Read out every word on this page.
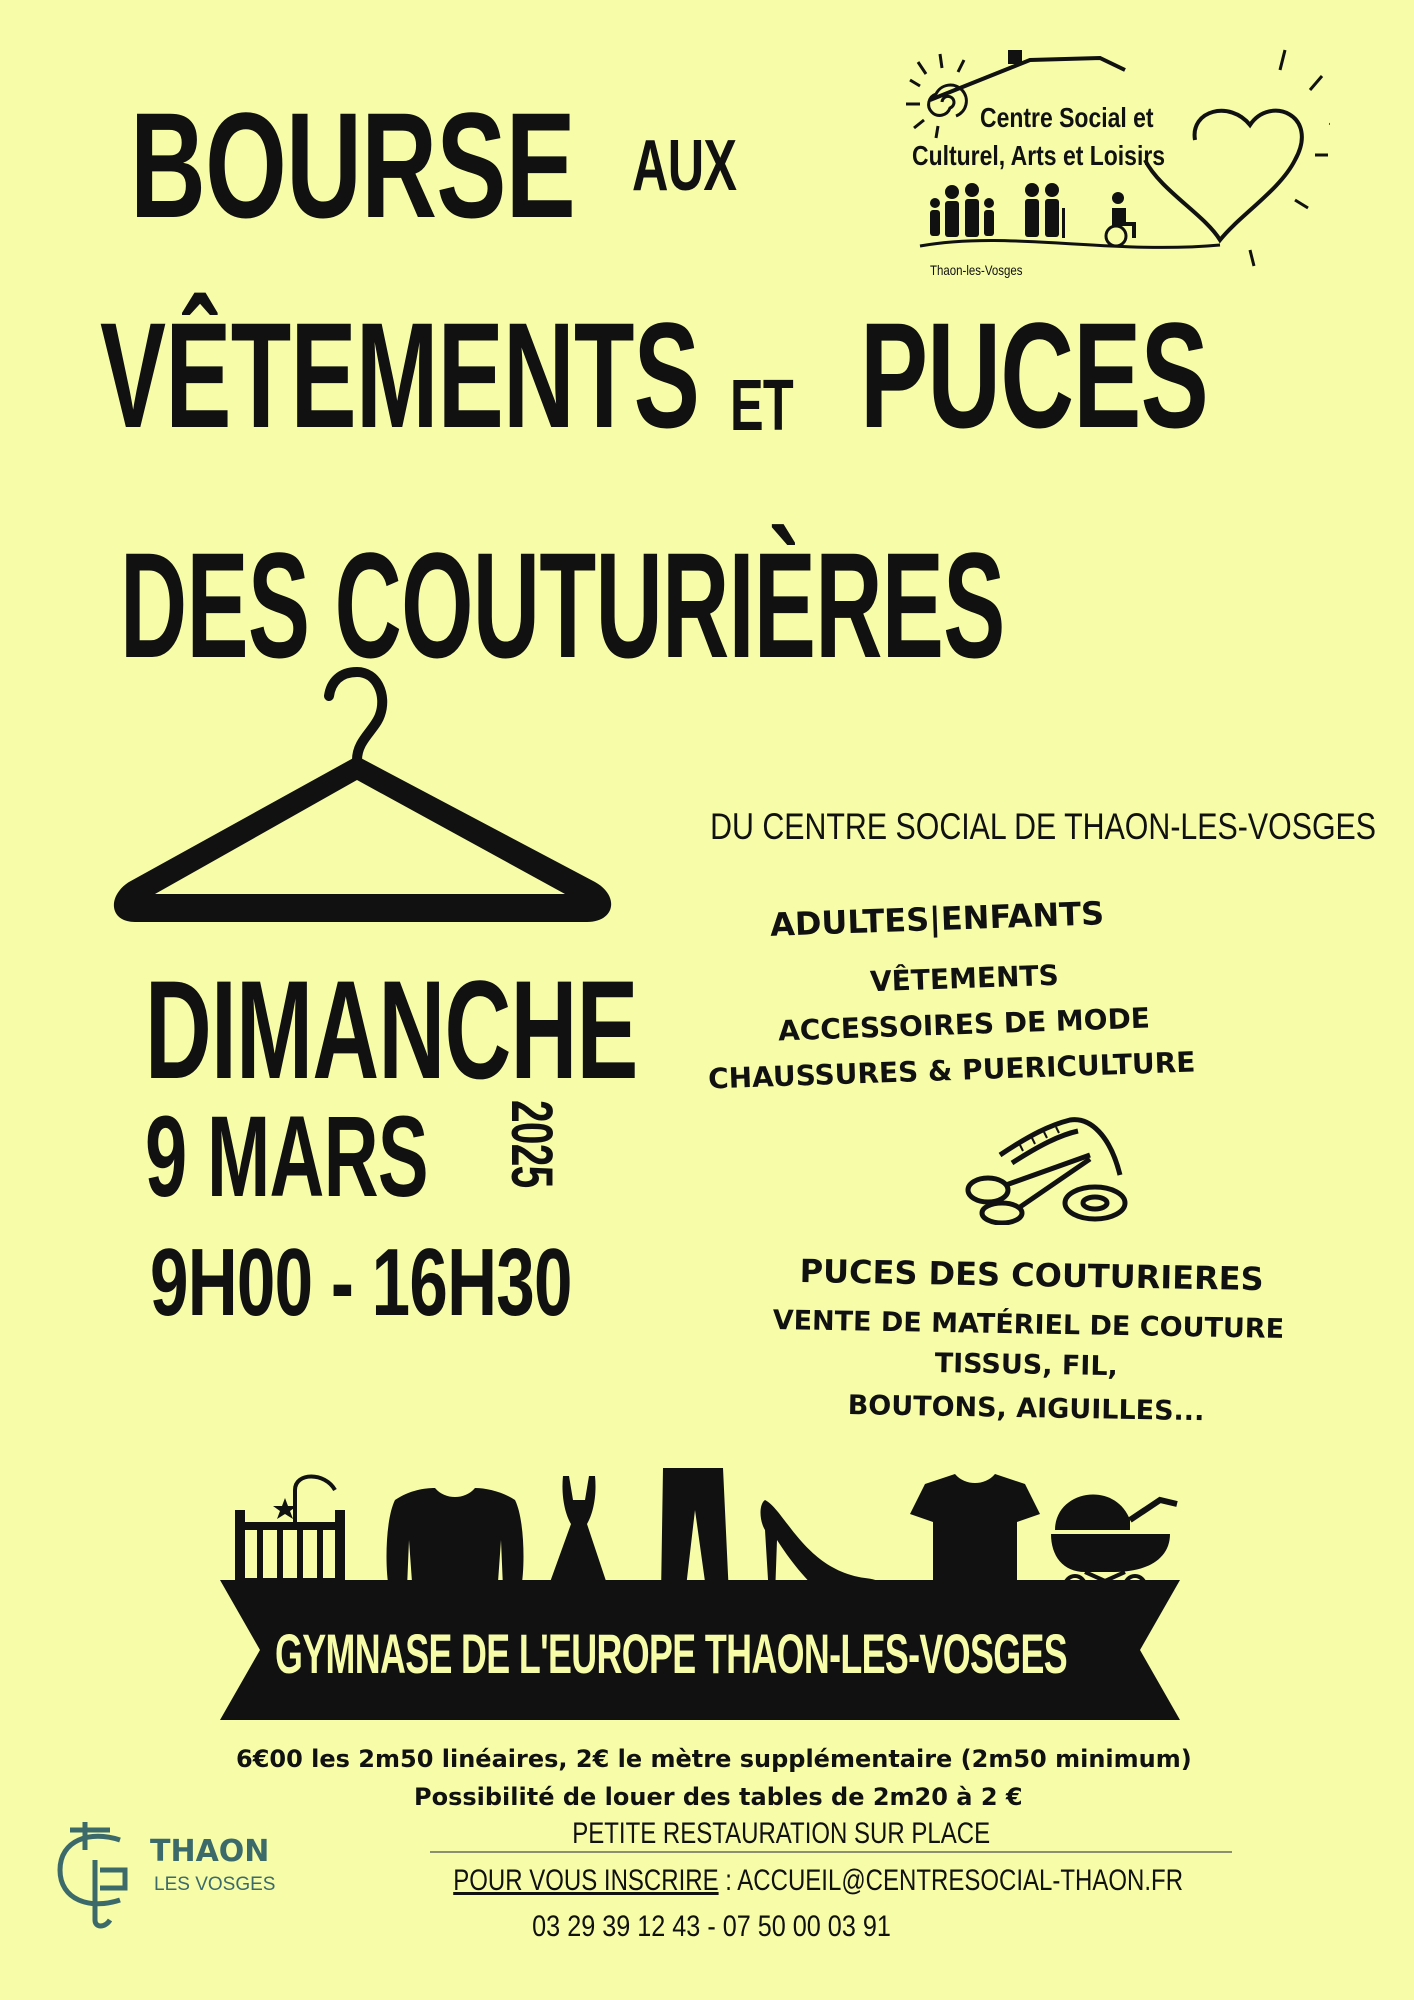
BOURSE AUX
VÊTEMENTS ET PUCES
DES COUTURIÈRES
Centre Social et
Culturel, Arts et Loisirs
Thaon-les-Vosges
DU CENTRE SOCIAL DE THAON-LES-VOSGES
DIMANCHE
9 MARS 2025
9H00 - 16H30
ADULTES|ENFANTS
VÊTEMENTS
ACCESSOIRES DE MODE
CHAUSSURES & PUERICULTURE
PUCES DES COUTURIERES
VENTE DE MATÉRIEL DE COUTURE
TISSUS, FIL,
BOUTONS, AIGUILLES...
GYMNASE DE L'EUROPE THAON-LES-VOSGES
6€00 les 2m50 linéaires, 2€ le mètre supplémentaire (2m50 minimum)
Possibilité de louer des tables de 2m20 à 2 €
PETITE RESTAURATION SUR PLACE
POUR VOUS INSCRIRE : ACCUEIL@CENTRESOCIAL-THAON.FR
03 29 39 12 43 - 07 50 00 03 91
THAON
LES VOSGES
